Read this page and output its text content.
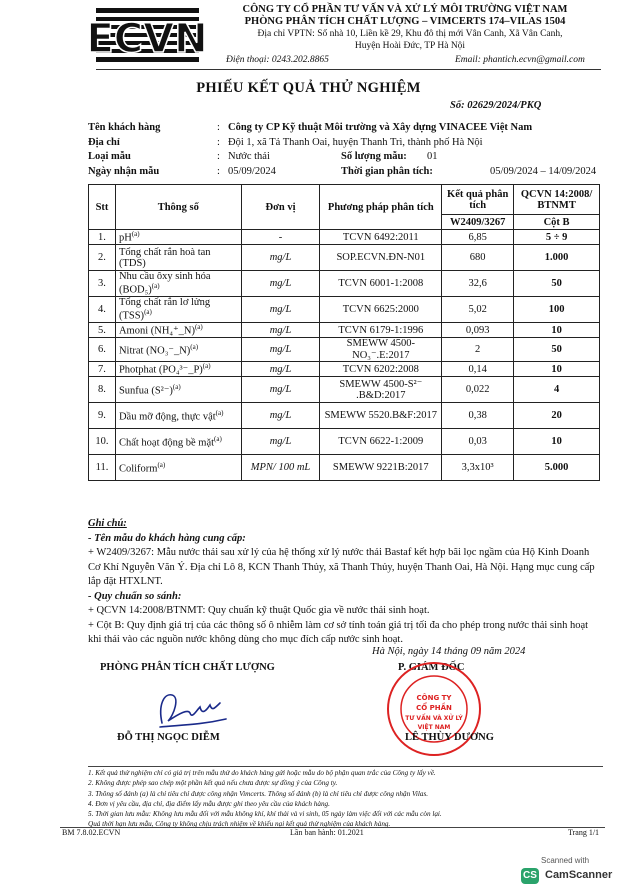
ECVN
CÔNG TY CỔ PHẦN TƯ VẤN VÀ XỬ LÝ MÔI TRƯỜNG VIỆT NAM
PHÒNG PHÂN TÍCH CHẤT LƯỢNG – VIMCERTS 174–VILAS 1504
Địa chỉ VPTN: Số nhà 10, Liền kề 29, Khu đô thị mới Vân Canh, Xã Vân Canh,
Huyện Hoài Đức, TP Hà Nội
Điện thoại: 0243.202.8865	Email: phantich.ecvn@gmail.com
PHIẾU KẾT QUẢ THỬ NGHIỆM
Số: 02629/2024/PKQ
Tên khách hàng	: Công ty CP Kỹ thuật Môi trường và Xây dựng VINACEE Việt Nam
Địa chỉ	: Đội 1, xã Tả Thanh Oai, huyện Thanh Trì, thành phố Hà Nội
Loại mẫu	: Nước thải	Số lượng mẫu: 01
Ngày nhận mẫu	: 05/09/2024	Thời gian phân tích:	05/09/2024 – 14/09/2024
Stt	Thông số	Đơn vị	Phương pháp phân tích	Kết quả phân tích	QCVN 14:2008/ BTNMT
				W2409/3267	Cột B
1.	$pH^{(a)}$	-	TCVN 6492:2011	6,85	5 ÷ 9
2.	Tổng chất rắn hoà tan (TDS)	mg/L	SOP.ECVN.ĐN-N01	680	1.000
3.	Nhu cầu ôxy sinh hóa $(BOD_5)^{(a)}$	mg/L	TCVN 6001-1:2008	32,6	50
4.	Tổng chất rắn lơ lửng (TSS)$^{(a)}$	mg/L	TCVN 6625:2000	5,02	100
5.	Amoni (NH₄⁺_N)$^{(a)}$	mg/L	TCVN 6179-1:1996	0,093	10
6.	Nitrat (NO₃⁻_N)$^{(a)}$	mg/L	SMEWW 4500-NO₃⁻.E:2017	2	50
7.	Photphat (PO₄³⁻_P)$^{(a)}$	mg/L	TCVN 6202:2008	0,14	10
8.	Sunfua $(S^{2-})^{(a)}$	mg/L	SMEWW 4500-S²⁻ .B&D:2017	0,022	4
9.	Dầu mỡ động, thực vật$^{(a)}$	mg/L	SMEWW 5520.B&F:2017	0,38	20
10.	Chất hoạt động bề mặt$^{(a)}$	mg/L	TCVN 6622-1:2009	0,03	10
11.	Coliform$^{(a)}$	MPN/ 100 mL	SMEWW 9221B:2017	3,3x10³	5.000

Ghi chú:

- Tên mẫu do khách hàng cung cấp:

+ W2409/3267: Mẫu nước thải sau xử lý của hệ thống xử lý nước thải Bastaf kết hợp bãi lọc ngầm của Hộ Kinh Doanh Cơ Khí Nguyễn Văn Ý. Địa chỉ Lô 8, KCN Thanh Thủy, xã Thanh Thủy, huyện Thanh Oai, Hà Nội. Hạng mục cung cấp lắp đặt HTXLNT.

- Quy chuẩn so sánh:

+ QCVN 14:2008/BTNMT: Quy chuẩn kỹ thuật Quốc gia về nước thải sinh hoạt.

+ Cột B: Quy định giá trị của các thông số ô nhiễm làm cơ sở tính toán giá trị tối đa cho phép trong nước thải sinh hoạt khi thải vào các nguồn nước không dùng cho mục đích cấp nước sinh hoạt.

Hà Nội, ngày 14 tháng 09 năm 2024
PHÒNG PHÂN TÍCH CHẤT LƯỢNG	P. GIÁM ĐỐC
CÔNG TY
CỔ PHẦN
TƯ VẤN VÀ XỬ LÝ
VIỆT NAM
ĐỖ THỊ NGỌC DIỄM	LÊ THÙY DƯƠNG

1. Kết quả thử nghiệm chỉ có giá trị trên mẫu thử do khách hàng gửi hoặc mẫu do bộ phận quan trắc của Công ty lấy về.

2. Không được phép sao chép một phần kết quả nếu chưa được sự đồng ý của Công ty.

3. Thông số đánh (a) là chỉ tiêu chỉ được công nhận Vimcerts. Thông số đánh (b) là chỉ tiêu chỉ được công nhận Vilas.

4. Đơn vị yêu cầu, địa chỉ, địa điểm lấy mẫu được ghi theo yêu cầu của khách hàng.

5. Thời gian lưu mẫu: Không lưu mẫu đối với mẫu không khí, khí thải và vi sinh, 05 ngày làm việc đối với các mẫu còn lại.

Quá thời hạn lưu mẫu, Công ty không chịu trách nhiệm về khiếu nại kết quả thử nghiệm của khách hàng.

BM 7.8.02.ECVN	Lần ban hành: 01.2021	Trang 1/1
Scanned with
CS CamScanner
